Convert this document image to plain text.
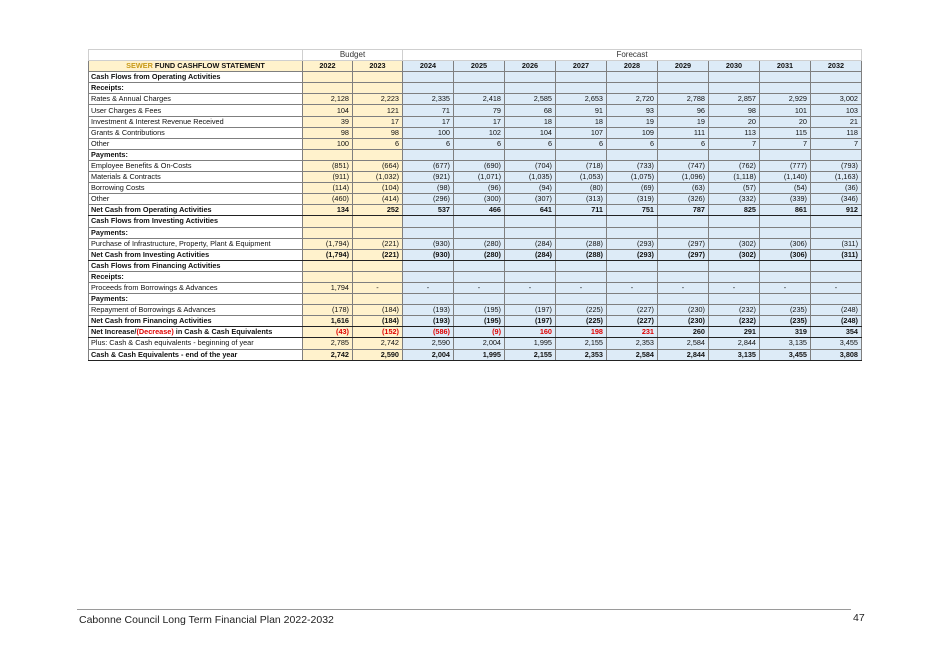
	Budget		Forecast								
SEWER FUND CASHFLOW STATEMENT	2022	2023	2024	2025	2026	2027	2028	2029	2030	2031	2032
Cash Flows from Operating Activities											
Receipts:											
Rates & Annual Charges	2,128	2,223	2,335	2,418	2,585	2,653	2,720	2,788	2,857	2,929	3,002
User Charges & Fees	104	121	71	79	68	91	93	96	98	101	103
Investment & Interest Revenue Received	39	17	17	17	18	18	19	19	20	20	21
Grants & Contributions	98	98	100	102	104	107	109	111	113	115	118
Other	100	6	6	6	6	6	6	6	7	7	7
Payments:											
Employee Benefits & On-Costs	(851)	(664)	(677)	(690)	(704)	(718)	(733)	(747)	(762)	(777)	(793)
Materials & Contracts	(911)	(1,032)	(921)	(1,071)	(1,035)	(1,053)	(1,075)	(1,096)	(1,118)	(1,140)	(1,163)
Borrowing Costs	(114)	(104)	(98)	(96)	(94)	(80)	(69)	(63)	(57)	(54)	(36)
Other	(460)	(414)	(296)	(300)	(307)	(313)	(319)	(326)	(332)	(339)	(346)
Net Cash from Operating Activities	134	252	537	466	641	711	751	787	825	861	912
Cash Flows from Investing Activities											
Payments:											
Purchase of Infrastructure, Property, Plant & Equipment	(1,794)	(221)	(930)	(280)	(284)	(288)	(293)	(297)	(302)	(306)	(311)
Net Cash from Investing Activities	(1,794)	(221)	(930)	(280)	(284)	(288)	(293)	(297)	(302)	(306)	(311)
Cash Flows from Financing Activities											
Receipts:											
Proceeds from Borrowings & Advances	1,794	-	-	-	-	-	-	-	-	-	-
Payments:											
Repayment of Borrowings & Advances	(178)	(184)	(193)	(195)	(197)	(225)	(227)	(230)	(232)	(235)	(248)
Net Cash from Financing Activities	1,616	(184)	(193)	(195)	(197)	(225)	(227)	(230)	(232)	(235)	(248)
Net Increase/(Decrease) in Cash & Cash Equivalents	(43)	(152)	(586)	(9)	160	198	231	260	291	319	354
Plus: Cash & Cash equivalents - beginning of year	2,785	2,742	2,590	2,004	1,995	2,155	2,353	2,584	2,844	3,135	3,455
Cash & Cash Equivalents - end of the year	2,742	2,590	2,004	1,995	2,155	2,353	2,584	2,844	3,135	3,455	3,808
Cabonne Council Long Term Financial Plan 2022-2032	47
